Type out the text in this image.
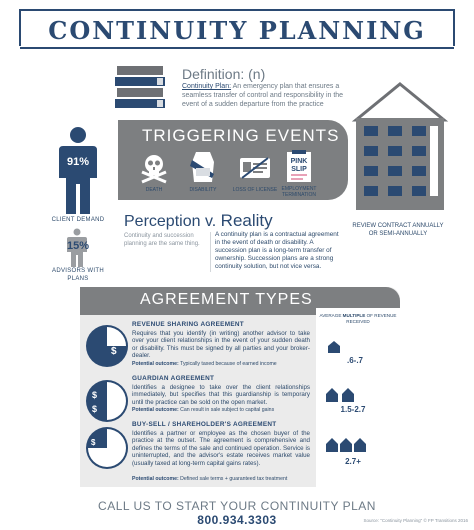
CONTINUITY PLANNING
Definition: (n)
Continuity Plan: An emergency plan that ensures a seamless transfer of control and responsibility in the event of a sudden departure from the practice
TRIGGERING EVENTS
PINK
SLIP
DEATH	DISABILITY	LOSS OF LICENSE EMPLOYMENT TERMINATION
91%
CLIENT DEMAND
15%
ADVISORS WITH PLANS
Perception v. Reality
Continuity and succession planning are the same thing.
A continuity plan is a contractual agreement in the event of death or disability. A succession plan is a long-term transfer of ownership. Succession plans are a strong continuity solution, but not vice versa.
REVIEW CONTRACT ANNUALLY OR SEMI-ANNUALLY
AGREEMENT TYPES
AVERAGE MULTIPLE OF REVENUE RECEIVED
$
REVENUE SHARING AGREEMENT
Requires that you identify (in writing) another advisor to take over your client relationships in the event of your sudden death or disability. This must be signed by all parties and your broker-dealer.
Potential outcome: Typically taxed because of earned income
$
$
GUARDIAN AGREEMENT
Identifies a designee to take over the client relationships immediately, but specifies that this guardianship is temporary until the practice can be sold on the open market.
Potential outcome: Can result in sale subject to capital gains
$
$
$
BUY-SELL / SHAREHOLDER'S AGREEMENT
Identifies a partner or employee as the chosen buyer of the practice at the outset. The agreement is comprehensive and defines the terms of the sale and continued operation. Service is uninterrupted, and the advisor's estate receives market value (usually taxed at long-term capital gains rates).
Potential outcome: Defined sale terms + guaranteed tax treatment
.6-.7
1.5-2.7
2.7+
CALL US TO START YOUR CONTINUITY PLAN 800.934.3303	Source: "Continuity Planning" © FP Transitions 2016
